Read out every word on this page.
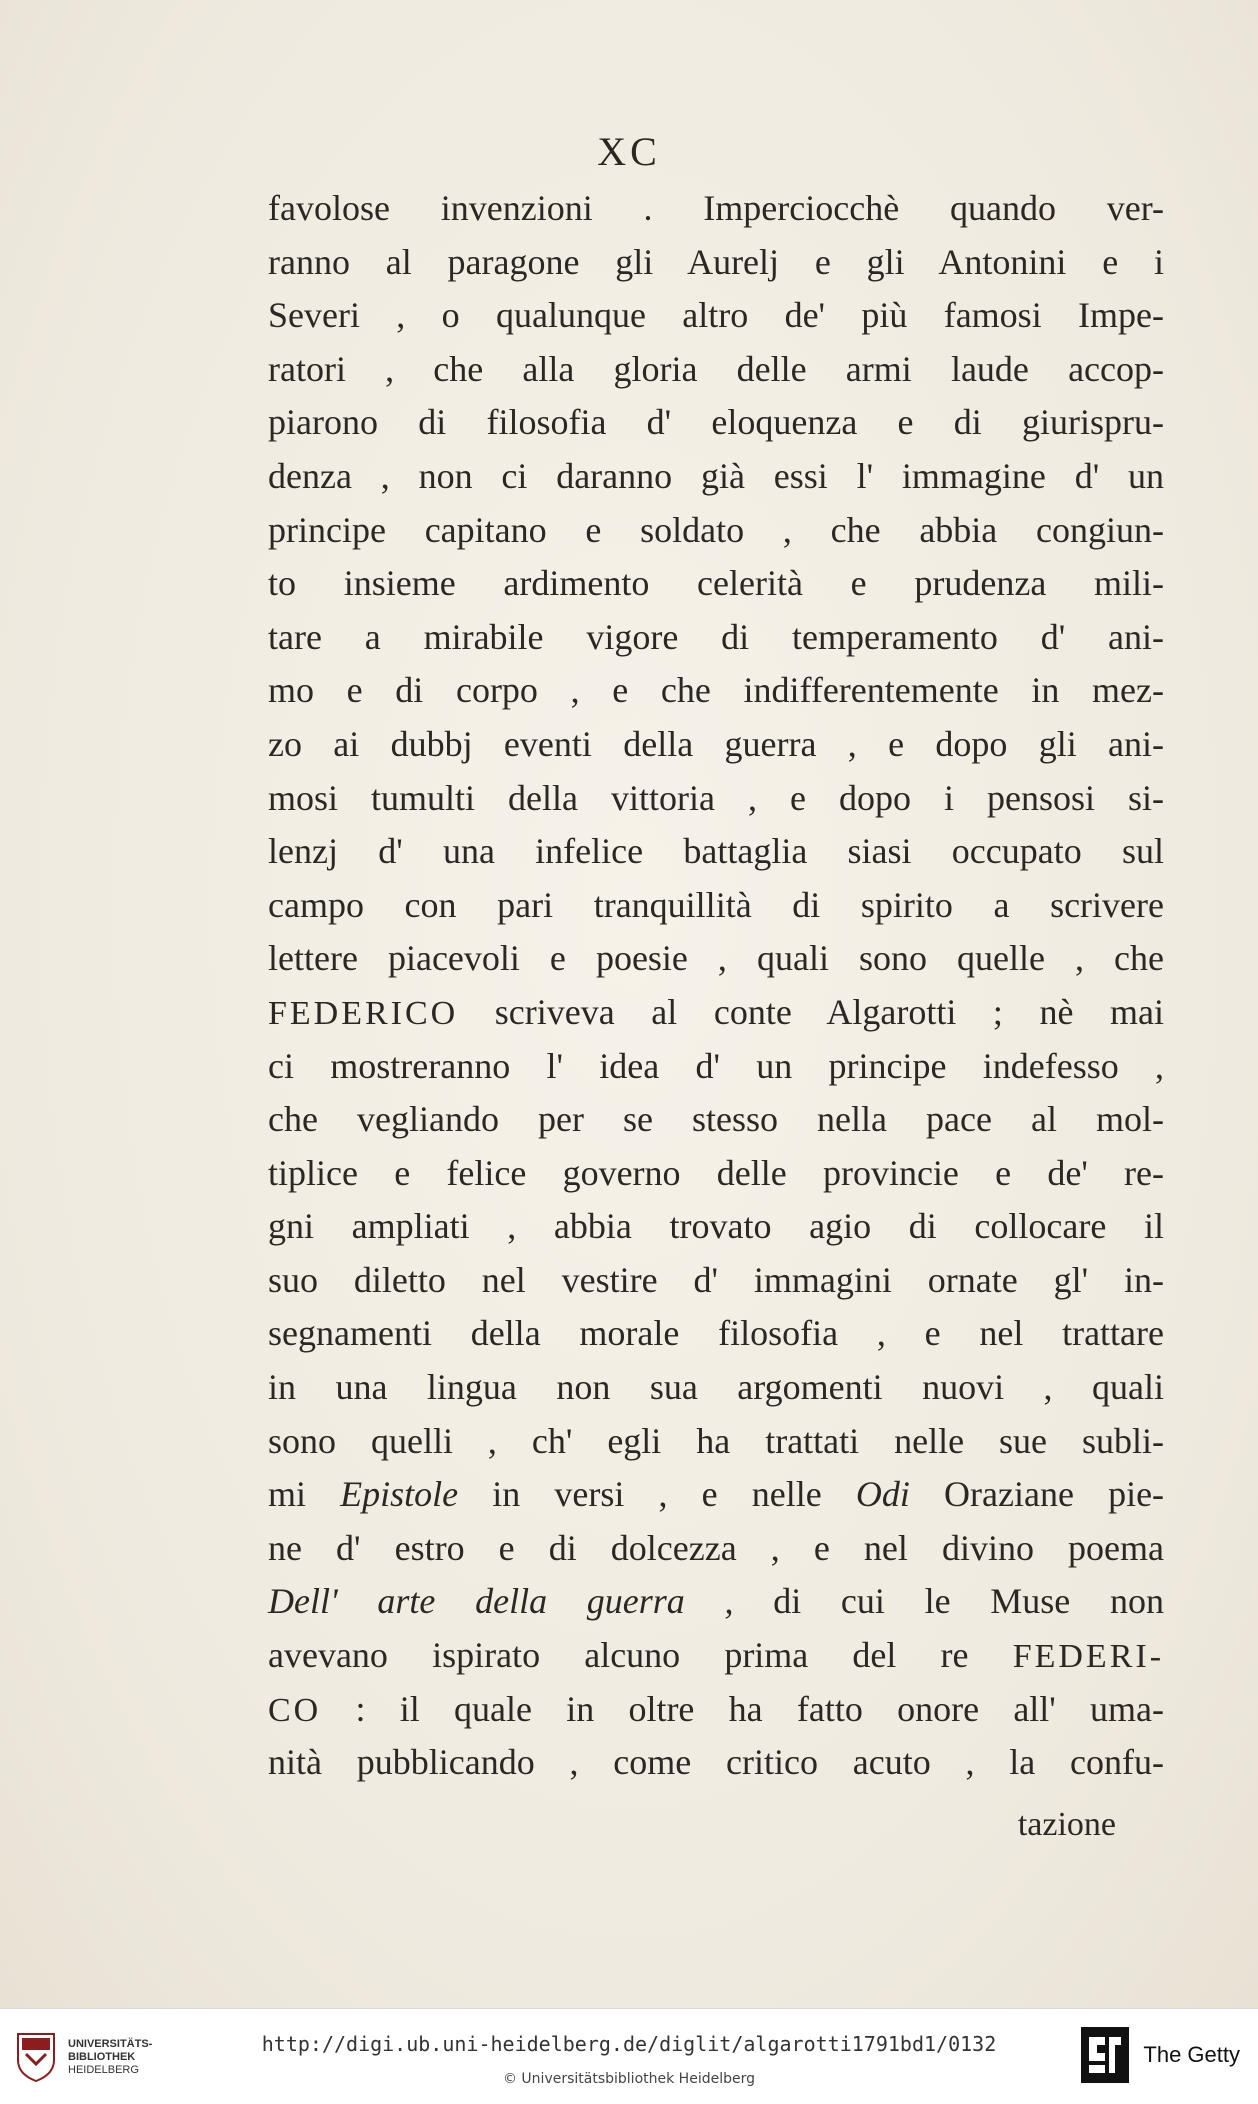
XC
favolose invenzioni . Imperciocchè quando ver-
ranno al paragone gli Aurelj e gli Antonini e i
Severi , o qualunque altro de' più famosi Impe-
ratori , che alla gloria delle armi laude accop-
piarono di filosofia d' eloquenza e di giurispru-
denza , non ci daranno già essi l' immagine d' un
principe capitano e soldato , che abbia congiun-
to insieme ardimento celerità e prudenza mili-
tare a mirabile vigore di temperamento d' ani-
mo e di corpo , e che indifferentemente in mez-
zo ai dubbj eventi della guerra , e dopo gli ani-
mosi tumulti della vittoria , e dopo i pensosi si-
lenzj d' una infelice battaglia siasi occupato sul
campo con pari tranquillità di spirito a scrivere
lettere piacevoli e poesie , quali sono quelle , che
FEDERICO scriveva al conte Algarotti ; nè mai
ci mostreranno l' idea d' un principe indefesso ,
che vegliando per se stesso nella pace al mol-
tiplice e felice governo delle provincie e de' re-
gni ampliati , abbia trovato agio di collocare il
suo diletto nel vestire d' immagini ornate gl' in-
segnamenti della morale filosofia , e nel trattare
in una lingua non sua argomenti nuovi , quali
sono quelli , ch' egli ha trattati nelle sue subli-
mi Epistole in versi , e nelle Odi Oraziane pie-
ne d' estro e di dolcezza , e nel divino poema
Dell' arte della guerra , di cui le Muse non
avevano ispirato alcuno prima del re FEDERI-
CO : il quale in oltre ha fatto onore all' uma-
nità pubblicando , come critico acuto , la confu-
tazione
UNIVERSITÄTS-
BIBLIOTHEK
HEIDELBERG
http://digi.ub.uni-heidelberg.de/diglit/algarotti1791bd1/0132
© Universitätsbibliothek Heidelberg
The Getty
